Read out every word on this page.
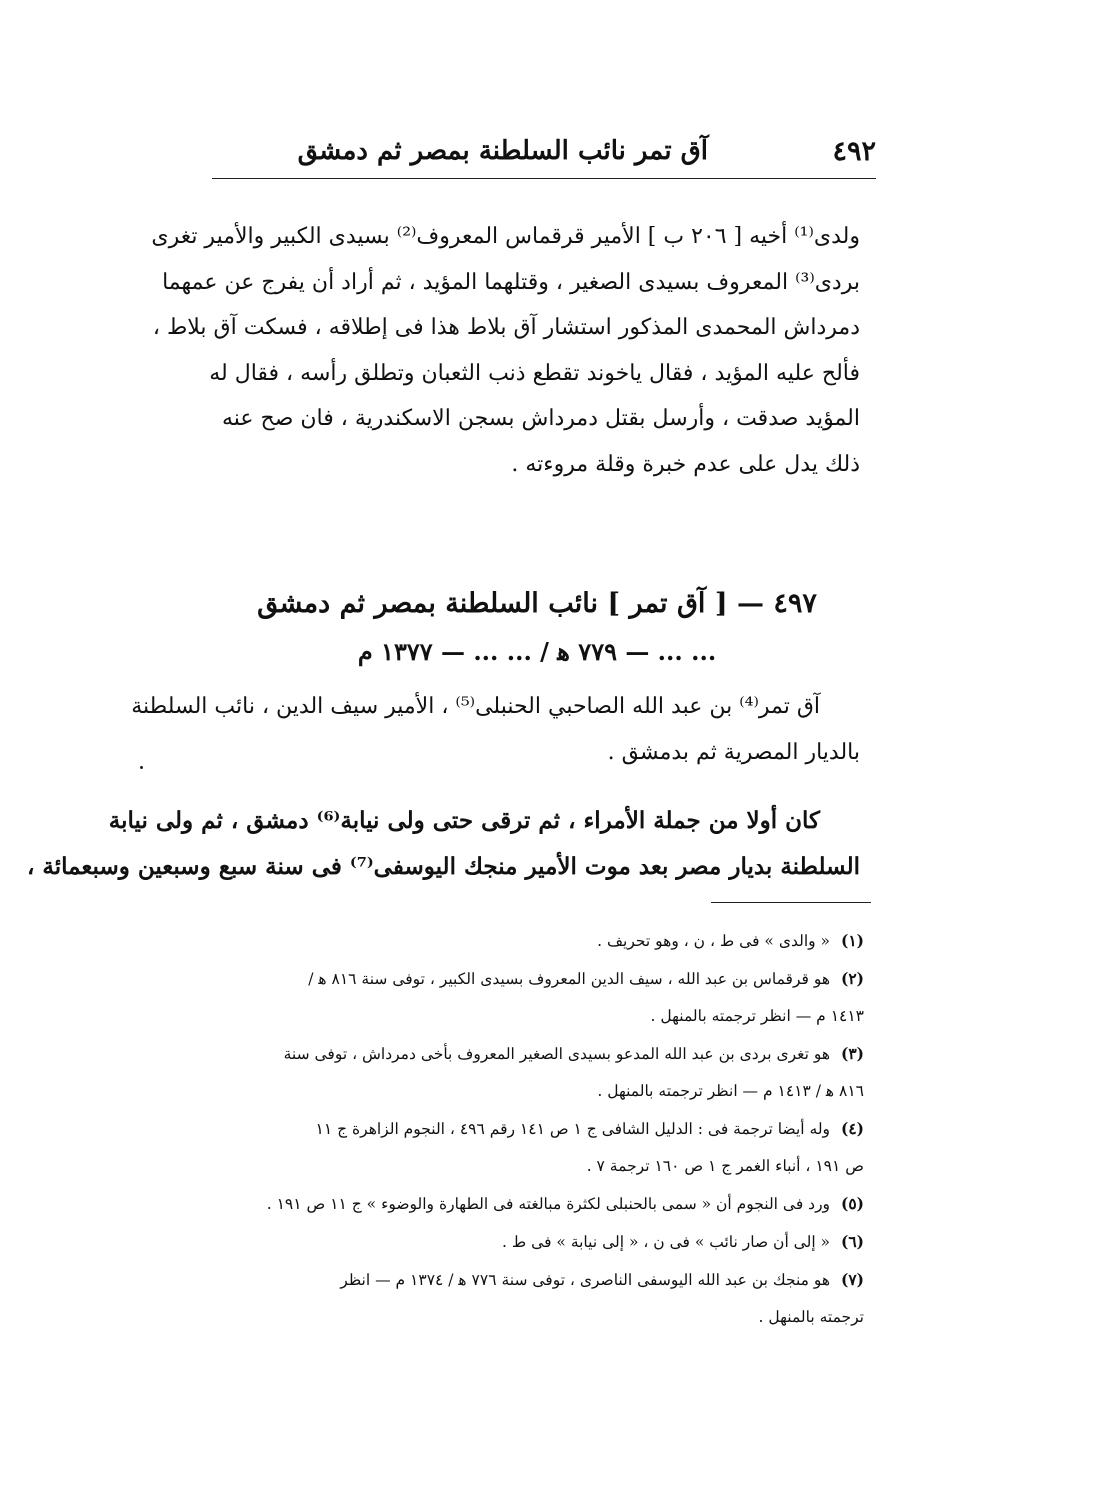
٤٩٢
آق تمر نائب السلطنة بمصر ثم دمشق
ولدى⁽¹⁾ أخيه [ ٢٠٦ ب ] الأمير قرقماس المعروف⁽²⁾ بسيدى الكبير والأمير تغرى
بردى⁽³⁾ المعروف بسيدى الصغير ، وقتلهما المؤيد ، ثم أراد أن يفرج عن عمهما
دمرداش المحمدى المذكور استشار آق بلاط هذا فى إطلاقه ، فسكت آق بلاط ،
فألح عليه المؤيد ، فقال ياخوند تقطع ذنب الثعبان وتطلق رأسه ، فقال له
المؤيد صدقت ، وأرسل بقتل دمرداش بسجن الاسكندرية ، فان صح عنه
ذلك يدل على عدم خبرة وقلة مروءته .
٤٩٧ — [ آق تمر ] نائب السلطنة بمصر ثم دمشق
... ... — ٧٧٩ ﻫ / ... ... — ١٣٧٧ م
آق تمر⁽⁴⁾ بن عبد الله الصاحبي الحنبلى⁽⁵⁾ ، الأمير سيف الدين ، نائب السلطنة
بالديار المصرية ثم بدمشق .
كان أولا من جملة الأمراء ، ثم ترقى حتى ولى نيابة⁽⁶⁾ دمشق ، ثم ولى نيابة
السلطنة بديار مصر بعد موت الأمير منجك اليوسفى⁽⁷⁾ فى سنة سبع وسبعين وسبعمائة ،
(١) « والدى » فى ط ، ن ، وهو تحريف .
(٢) هو قرقماس بن عبد الله ، سيف الدين المعروف بسيدى الكبير ، توفى سنة ٨١٦ ﻫ /
١٤١٣ م — انظر ترجمته بالمنهل .
(٣) هو تغرى بردى بن عبد الله المدعو بسيدى الصغير المعروف بأخى دمرداش ، توفى سنة
٨١٦ ﻫ / ١٤١٣ م — انظر ترجمته بالمنهل .
(٤) وله أيضا ترجمة فى : الدليل الشافى ج ١ ص ١٤١ رقم ٤٩٦ ، النجوم الزاهرة ج ١١
ص ١٩١ ، أنباء الغمر ج ١ ص ١٦٠ ترجمة ٧ .
(٥) ورد فى النجوم أن « سمى بالحنبلى لكثرة مبالغته فى الطهارة والوضوء » ج ١١ ص ١٩١ .
(٦) « إلى أن صار نائب » فى ن ، « إلى نيابة » فى ط .
(٧) هو منجك بن عبد الله اليوسفى الناصرى ، توفى سنة ٧٧٦ ﻫ / ١٣٧٤ م — انظر
ترجمته بالمنهل .
